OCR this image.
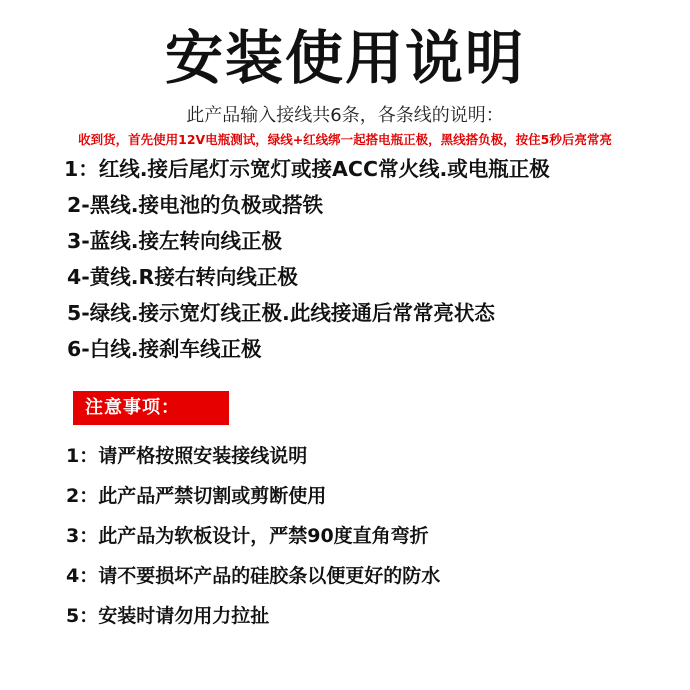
安装使用说明
此产品输入接线共6条，各条线的说明：
收到货，首先使用12V电瓶测试，绿线+红线绑一起搭电瓶正极，黑线搭负极，按住5秒后亮常亮
1：红线.接后尾灯示宽灯或接ACC常火线.或电瓶正极
2-黑线.接电池的负极或搭铁
3-蓝线.接左转向线正极
4-黄线.R接右转向线正极
5-绿线.接示宽灯线正极.此线接通后常常亮状态
6-白线.接刹车线正极
注意事项：
1：请严格按照安装接线说明
2：此产品严禁切割或剪断使用
3：此产品为软板设计，严禁90度直角弯折
4：请不要损坏产品的硅胶条以便更好的防水
5：安装时请勿用力拉扯
